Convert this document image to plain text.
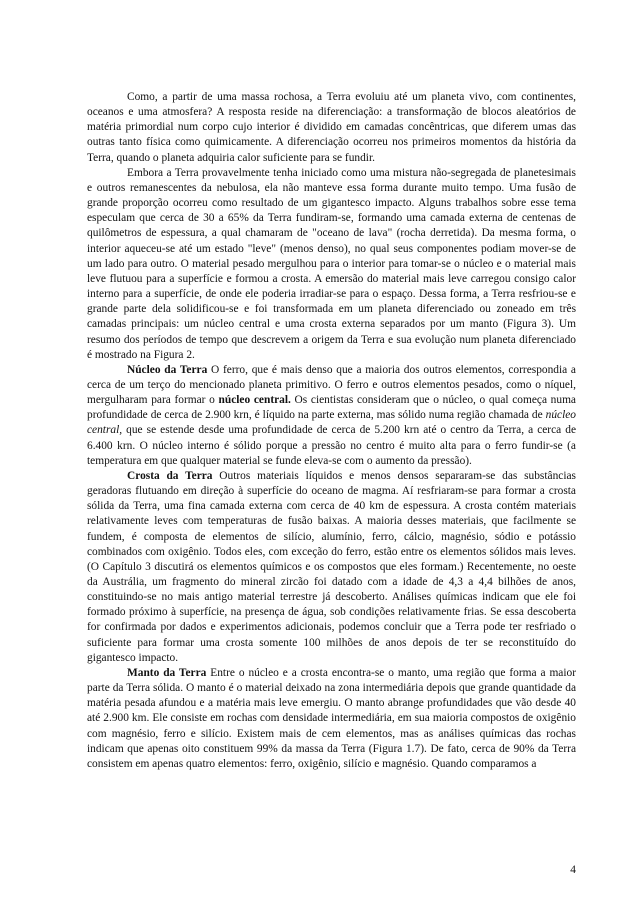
Como, a partir de uma massa rochosa, a Terra evoluiu até um planeta vivo, com continentes, oceanos e uma atmosfera? A resposta reside na diferenciação: a transformação de blocos aleatórios de matéria primordial num corpo cujo interior é dividido em camadas concêntricas, que diferem umas das outras tanto física como quimicamente. A diferenciação ocorreu nos primeiros momentos da história da Terra, quando o planeta adquiria calor suficiente para se fundir.

Embora a Terra provavelmente tenha iniciado como uma mistura não-segregada de planetesimais e outros remanescentes da nebulosa, ela não manteve essa forma durante muito tempo. Uma fusão de grande proporção ocorreu como resultado de um gigantesco impacto. Alguns trabalhos sobre esse tema especulam que cerca de 30 a 65% da Terra fundiram-se, formando uma camada externa de centenas de quilômetros de espessura, a qual chamaram de "oceano de lava" (rocha derretida). Da mesma forma, o interior aqueceu-se até um estado "leve" (menos denso), no qual seus componentes podiam mover-se de um lado para outro. O material pesado mergulhou para o interior para tomar-se o núcleo e o material mais leve flutuou para a superfície e formou a crosta. A emersão do material mais leve carregou consigo calor interno para a superfície, de onde ele poderia irradiar-se para o espaço. Dessa forma, a Terra resfriou-se e grande parte dela solidificou-se e foi transformada em um planeta diferenciado ou zoneado em três camadas principais: um núcleo central e uma crosta externa separados por um manto (Figura 3). Um resumo dos períodos de tempo que descrevem a origem da Terra e sua evolução num planeta diferenciado é mostrado na Figura 2.

Núcleo da Terra O ferro, que é mais denso que a maioria dos outros elementos, correspondia a cerca de um terço do mencionado planeta primitivo. O ferro e outros elementos pesados, como o níquel, mergulharam para formar o núcleo central. Os cientistas consideram que o núcleo, o qual começa numa profundidade de cerca de 2.900 krn, é líquido na parte externa, mas sólido numa região chamada de núcleo central, que se estende desde uma profundidade de cerca de 5.200 krn até o centro da Terra, a cerca de 6.400 krn. O núcleo interno é sólido porque a pressão no centro é muito alta para o ferro fundir-se (a temperatura em que qualquer material se funde eleva-se com o aumento da pressão).

Crosta da Terra Outros materiais líquidos e menos densos separaram-se das substâncias geradoras flutuando em direção à superfície do oceano de magma. Aí resfriaram-se para formar a crosta sólida da Terra, uma fina camada externa com cerca de 40 km de espessura. A crosta contém materiais relativamente leves com temperaturas de fusão baixas. A maioria desses materiais, que facilmente se fundem, é composta de elementos de silício, alumínio, ferro, cálcio, magnésio, sódio e potássio combinados com oxigênio. Todos eles, com exceção do ferro, estão entre os elementos sólidos mais leves. (O Capítulo 3 discutirá os elementos químicos e os compostos que eles formam.) Recentemente, no oeste da Austrália, um fragmento do mineral zircão foi datado com a idade de 4,3 a 4,4 bilhões de anos, constituindo-se no mais antigo material terrestre já descoberto. Análises químicas indicam que ele foi formado próximo à superfície, na presença de água, sob condições relativamente frias. Se essa descoberta for confirmada por dados e experimentos adicionais, podemos concluir que a Terra pode ter resfriado o suficiente para formar uma crosta somente 100 milhões de anos depois de ter se reconstituído do gigantesco impacto.

Manto da Terra Entre o núcleo e a crosta encontra-se o manto, uma região que forma a maior parte da Terra sólida. O manto é o material deixado na zona intermediária depois que grande quantidade da matéria pesada afundou e a matéria mais leve emergiu. O manto abrange profundidades que vão desde 40 até 2.900 km. Ele consiste em rochas com densidade intermediária, em sua maioria compostos de oxigênio com magnésio, ferro e silício. Existem mais de cem elementos, mas as análises químicas das rochas indicam que apenas oito constituem 99% da massa da Terra (Figura 1.7). De fato, cerca de 90% da Terra consistem em apenas quatro elementos: ferro, oxigênio, silício e magnésio. Quando comparamos a

4
